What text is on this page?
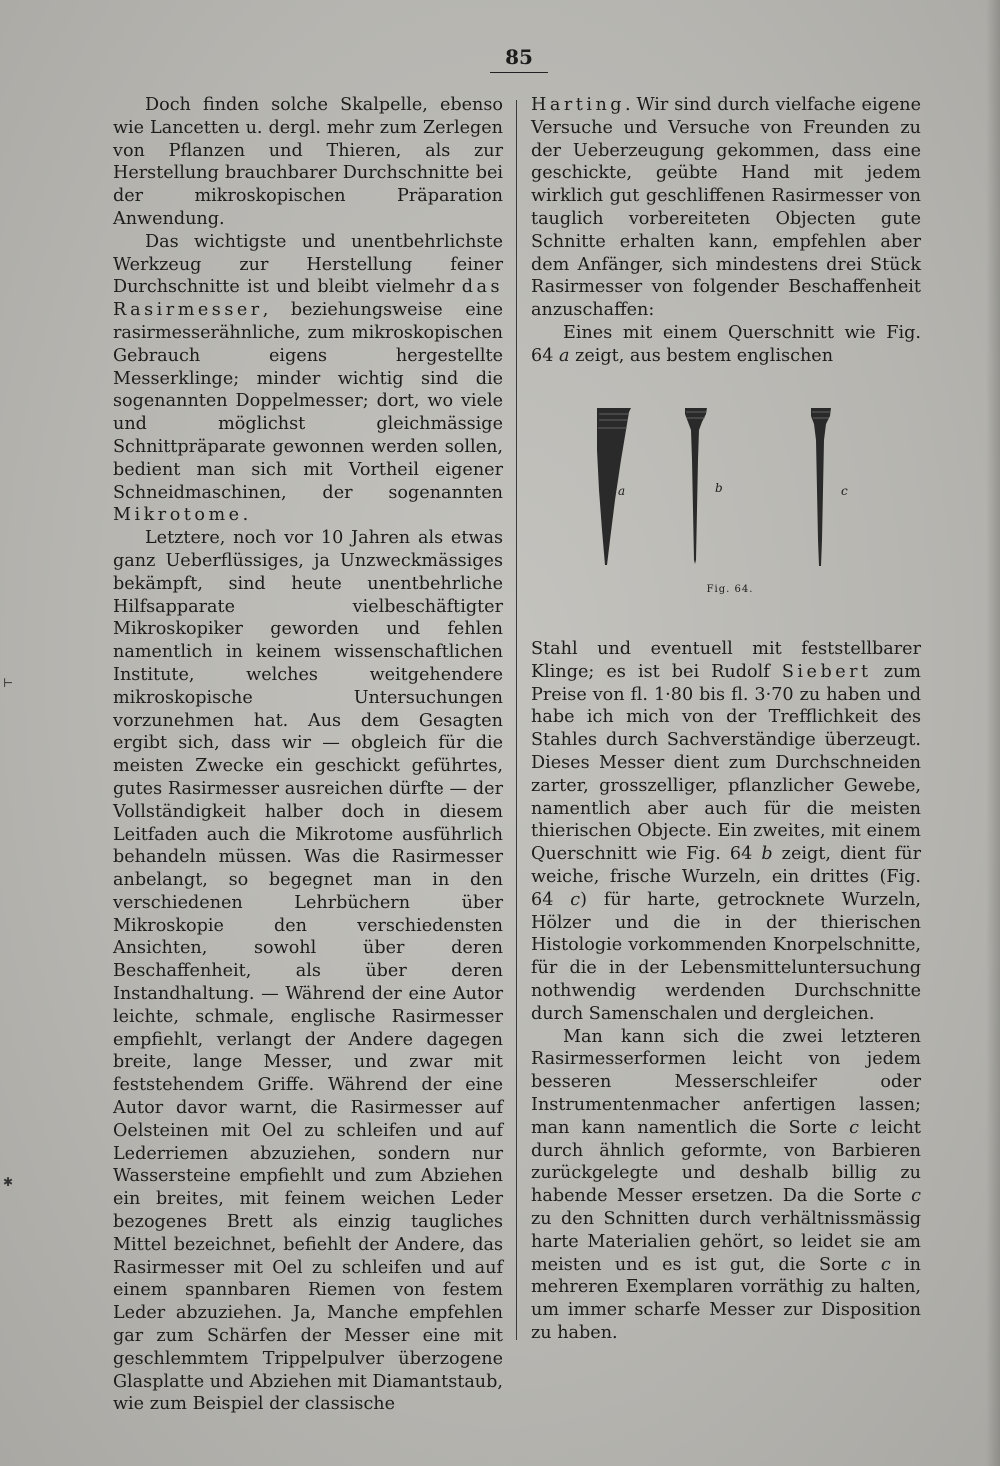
85

Doch finden solche Skalpelle, ebenso wie Lancetten u. dergl. mehr zum Zerlegen von Pflanzen und Thieren, als zur Herstellung brauchbarer Durchschnitte bei der mikroskopischen Präparation Anwendung.

Das wichtigste und unentbehrlichste Werkzeug zur Herstellung feiner Durchschnitte ist und bleibt vielmehr das Rasirmesser, beziehungsweise eine rasirmesserähnliche, zum mikroskopischen Gebrauch eigens hergestellte Messerklinge; minder wichtig sind die sogenannten Doppelmesser; dort, wo viele und möglichst gleichmässige Schnittpräparate gewonnen werden sollen, bedient man sich mit Vortheil eigener Schneidmaschinen, der sogenannten Mikrotome.

Letztere, noch vor 10 Jahren als etwas ganz Ueberflüssiges, ja Unzweckmässiges bekämpft, sind heute unentbehrliche Hilfsapparate vielbeschäftigter Mikroskopiker geworden und fehlen namentlich in keinem wissenschaftlichen Institute, welches weitgehendere mikroskopische Untersuchungen vorzunehmen hat. Aus dem Gesagten ergibt sich, dass wir — obgleich für die meisten Zwecke ein geschickt geführtes, gutes Rasirmesser ausreichen dürfte — der Vollständigkeit halber doch in diesem Leitfaden auch die Mikrotome ausführlich behandeln müssen. Was die Rasirmesser anbelangt, so begegnet man in den verschiedenen Lehrbüchern über Mikroskopie den verschiedensten Ansichten, sowohl über deren Beschaffenheit, als über deren Instandhaltung. — Während der eine Autor leichte, schmale, englische Rasirmesser empfiehlt, verlangt der Andere dagegen breite, lange Messer, und zwar mit feststehendem Griffe. Während der eine Autor davor warnt, die Rasirmesser auf Oelsteinen mit Oel zu schleifen und auf Lederriemen abzuziehen, sondern nur Wassersteine empfiehlt und zum Abziehen ein breites, mit feinem weichen Leder bezogenes Brett als einzig taugliches Mittel bezeichnet, befiehlt der Andere, das Rasirmesser mit Oel zu schleifen und auf einem spannbaren Riemen von festem Leder abzuziehen. Ja, Manche empfehlen gar zum Schärfen der Messer eine mit geschlemmtem Trippelpulver überzogene Glasplatte und Abziehen mit Diamantstaub, wie zum Beispiel der classische

Harting. Wir sind durch vielfache eigene Versuche und Versuche von Freunden zu der Ueberzeugung gekommen, dass eine geschickte, geübte Hand mit jedem wirklich gut geschliffenen Rasirmesser von tauglich vorbereiteten Objecten gute Schnitte erhalten kann, empfehlen aber dem Anfänger, sich mindestens drei Stück Rasirmesser von folgender Beschaffenheit anzuschaffen:

Eines mit einem Querschnitt wie Fig. 64 a zeigt, aus bestem englischen

a	b	c
Fig. 64.

Stahl und eventuell mit feststellbarer Klinge; es ist bei Rudolf Siebert zum Preise von fl. 1·80 bis fl. 3·70 zu haben und habe ich mich von der Trefflichkeit des Stahles durch Sachverständige überzeugt. Dieses Messer dient zum Durchschneiden zarter, grosszelliger, pflanzlicher Gewebe, namentlich aber auch für die meisten thierischen Objecte. Ein zweites, mit einem Querschnitt wie Fig. 64 b zeigt, dient für weiche, frische Wurzeln, ein drittes (Fig. 64 c) für harte, getrocknete Wurzeln, Hölzer und die in der thierischen Histologie vorkommenden Knorpelschnitte, für die in der Lebensmitteluntersuchung nothwendig werdenden Durchschnitte durch Samenschalen und dergleichen.

Man kann sich die zwei letzteren Rasirmesserformen leicht von jedem besseren Messerschleifer oder Instrumentenmacher anfertigen lassen; man kann namentlich die Sorte c leicht durch ähnlich geformte, von Barbieren zurückgelegte und deshalb billig zu habende Messer ersetzen. Da die Sorte c zu den Schnitten durch verhältnissmässig harte Materialien gehört, so leidet sie am meisten und es ist gut, die Sorte c in mehreren Exemplaren vorräthig zu halten, um immer scharfe Messer zur Disposition zu haben.

⊢
✱
